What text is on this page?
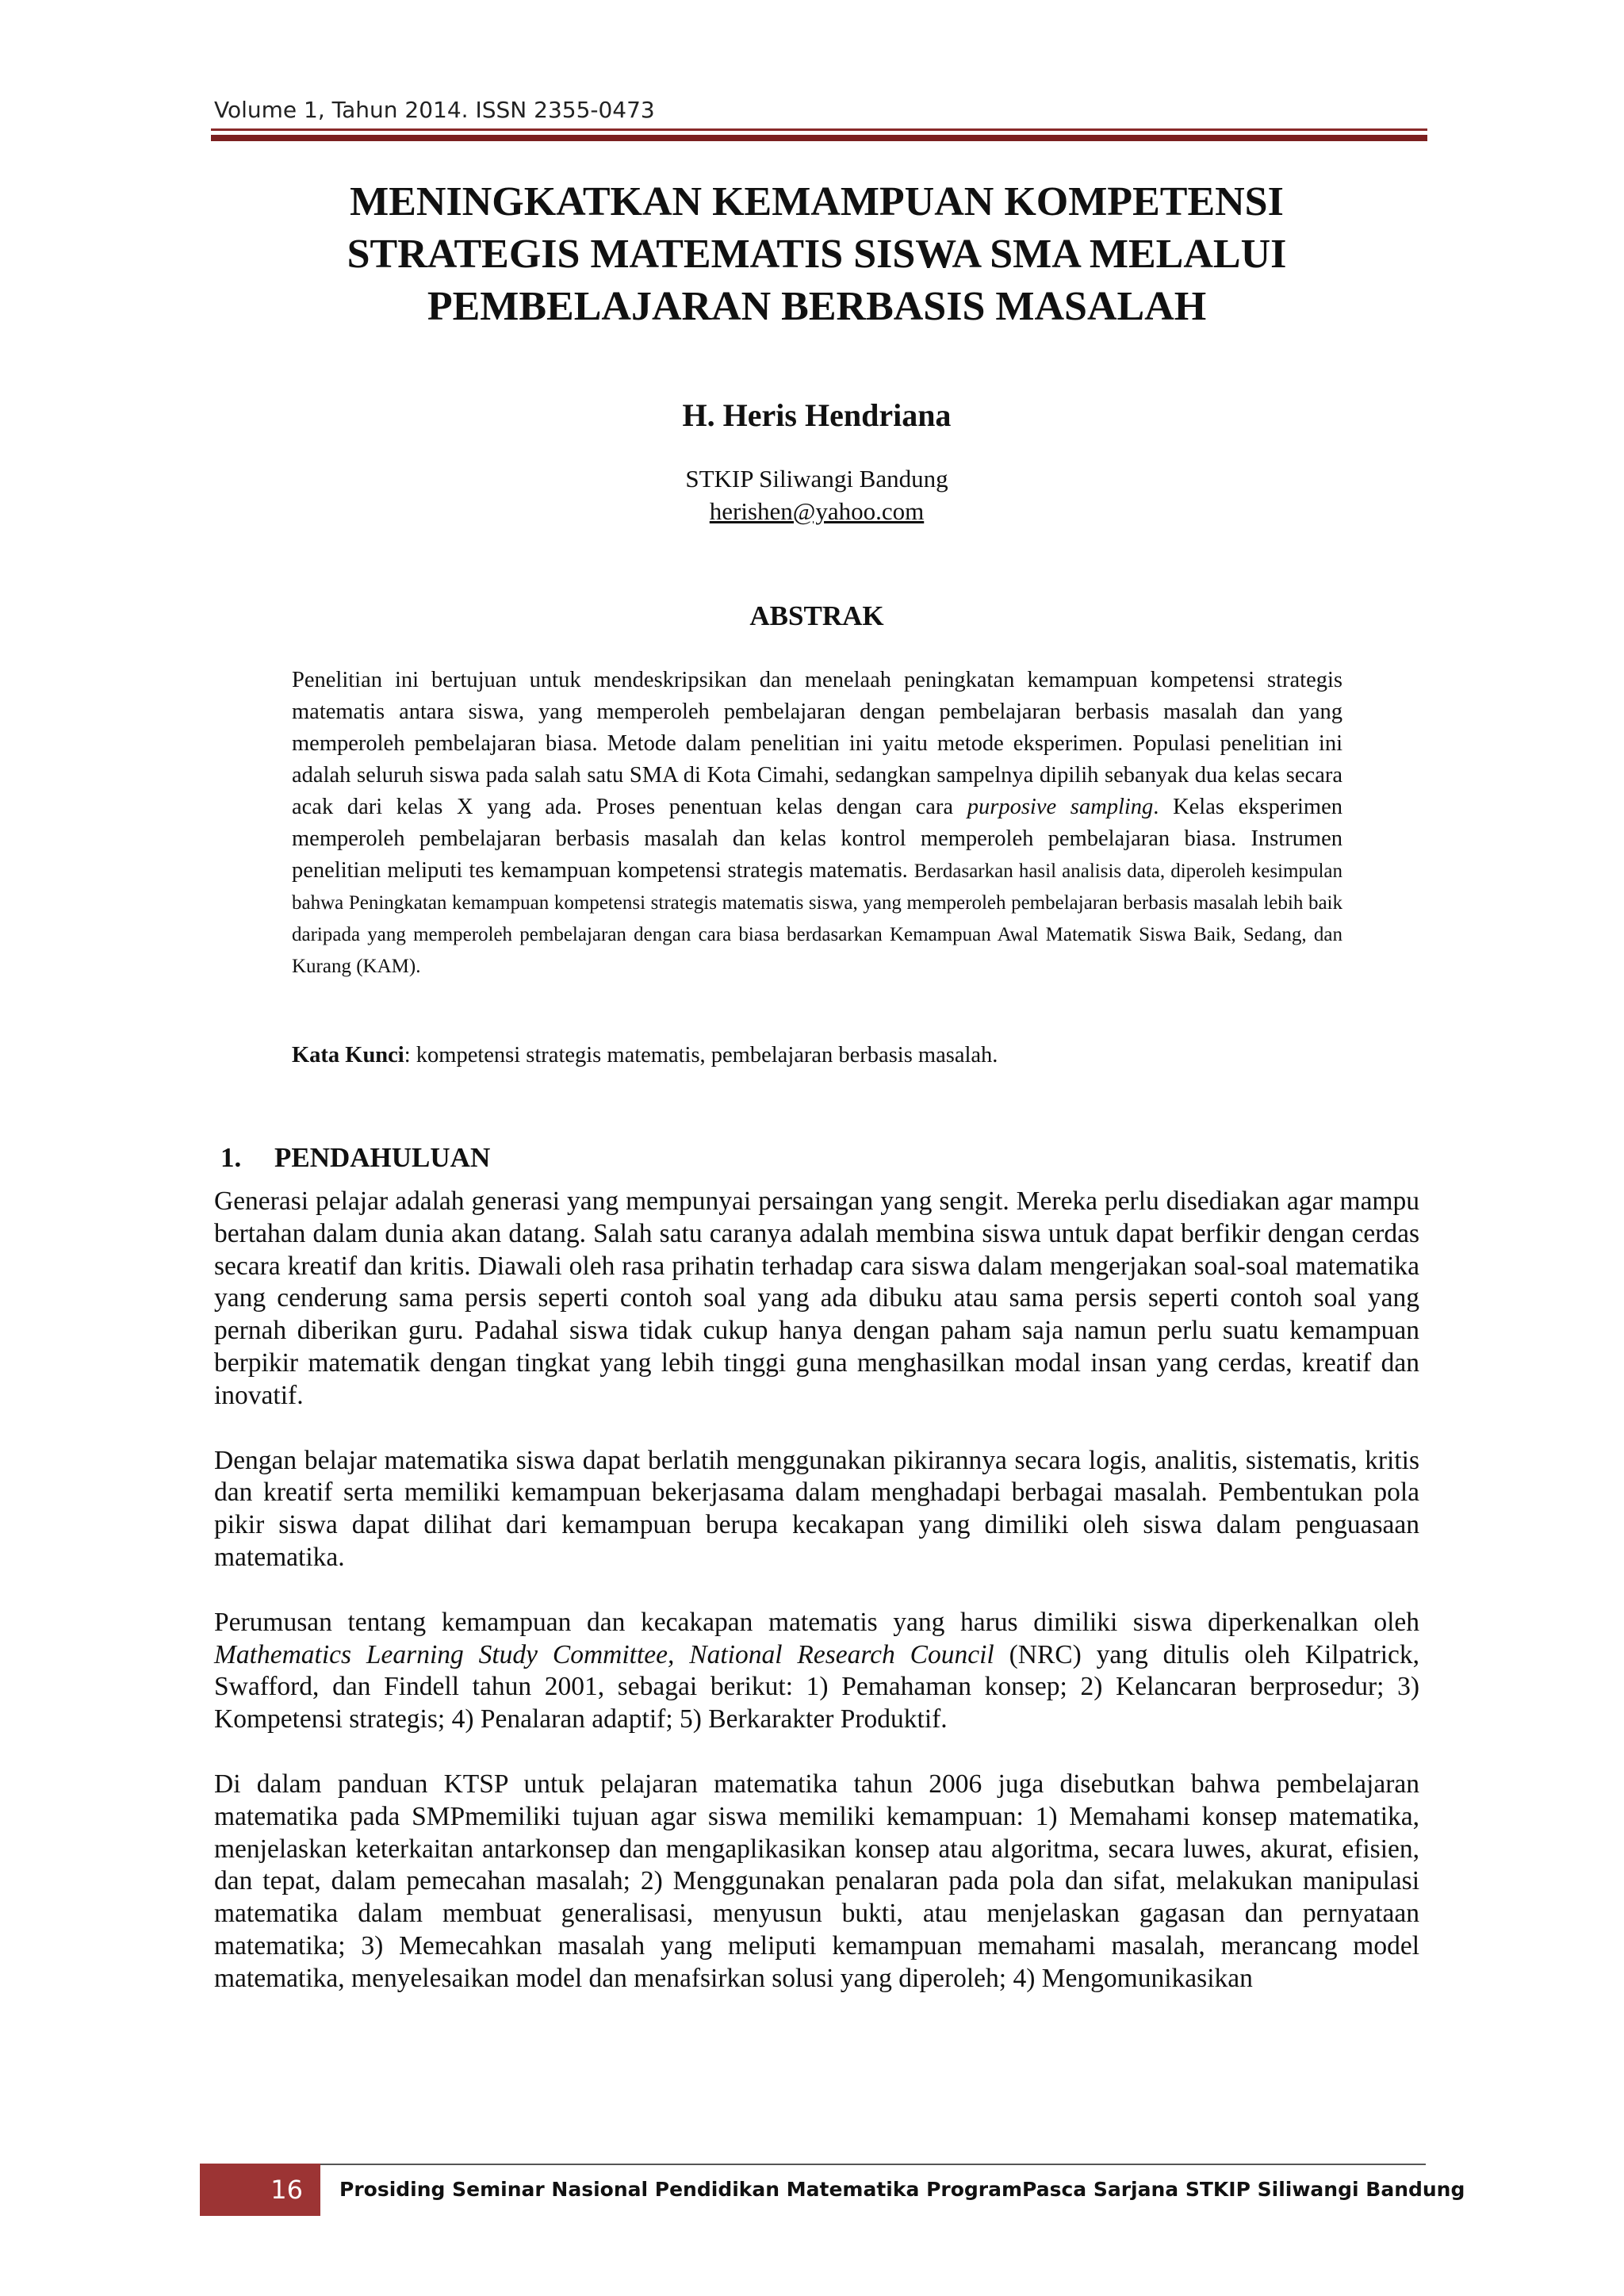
Volume 1, Tahun 2014. ISSN 2355-0473
MENINGKATKAN KEMAMPUAN KOMPETENSI
STRATEGIS MATEMATIS SISWA SMA MELALUI
PEMBELAJARAN BERBASIS MASALAH
H. Heris Hendriana
STKIP Siliwangi Bandung
herishen@yahoo.com
ABSTRAK
Penelitian ini bertujuan untuk mendeskripsikan dan menelaah peningkatan kemampuan kompetensi strategis matematis antara siswa, yang memperoleh pembelajaran dengan pembelajaran berbasis masalah dan yang memperoleh pembelajaran biasa. Metode dalam penelitian ini yaitu metode eksperimen. Populasi penelitian ini adalah seluruh siswa pada salah satu SMA di Kota Cimahi, sedangkan sampelnya dipilih sebanyak dua kelas secara acak dari kelas X yang ada. Proses penentuan kelas dengan cara purposive sampling. Kelas eksperimen memperoleh pembelajaran berbasis masalah dan kelas kontrol memperoleh pembelajaran biasa. Instrumen penelitian meliputi tes kemampuan kompetensi strategis matematis. Berdasarkan hasil analisis data, diperoleh kesimpulan bahwa Peningkatan kemampuan kompetensi strategis matematis siswa, yang memperoleh pembelajaran berbasis masalah lebih baik daripada yang memperoleh pembelajaran dengan cara biasa berdasarkan Kemampuan Awal Matematik Siswa Baik, Sedang, dan Kurang (KAM).
Kata Kunci: kompetensi strategis matematis, pembelajaran berbasis masalah.
1. PENDAHULUAN

Generasi pelajar adalah generasi yang mempunyai persaingan yang sengit. Mereka perlu disediakan agar mampu bertahan dalam dunia akan datang. Salah satu caranya adalah membina siswa untuk dapat berfikir dengan cerdas secara kreatif dan kritis. Diawali oleh rasa prihatin terhadap cara siswa dalam mengerjakan soal-soal matematika yang cenderung sama persis seperti contoh soal yang ada dibuku atau sama persis seperti contoh soal yang pernah diberikan guru. Padahal siswa tidak cukup hanya dengan paham saja namun perlu suatu kemampuan berpikir matematik dengan tingkat yang lebih tinggi guna menghasilkan modal insan yang cerdas, kreatif dan inovatif.

Dengan belajar matematika siswa dapat berlatih menggunakan pikirannya secara logis, analitis, sistematis, kritis dan kreatif serta memiliki kemampuan bekerjasama dalam menghadapi berbagai masalah. Pembentukan pola pikir siswa dapat dilihat dari kemampuan berupa kecakapan yang dimiliki oleh siswa dalam penguasaan matematika.

Perumusan tentang kemampuan dan kecakapan matematis yang harus dimiliki siswa diperkenalkan oleh Mathematics Learning Study Committee, National Research Council (NRC) yang ditulis oleh Kilpatrick, Swafford, dan Findell tahun 2001, sebagai berikut: 1) Pemahaman konsep; 2) Kelancaran berprosedur; 3) Kompetensi strategis; 4) Penalaran adaptif; 5) Berkarakter Produktif.

Di dalam panduan KTSP untuk pelajaran matematika tahun 2006 juga disebutkan bahwa pembelajaran matematika pada SMPmemiliki tujuan agar siswa memiliki kemampuan: 1) Memahami konsep matematika, menjelaskan keterkaitan antarkonsep dan mengaplikasikan konsep atau algoritma, secara luwes, akurat, efisien, dan tepat, dalam pemecahan masalah; 2) Menggunakan penalaran pada pola dan sifat, melakukan manipulasi matematika dalam membuat generalisasi, menyusun bukti, atau menjelaskan gagasan dan pernyataan matematika; 3) Memecahkan masalah yang meliputi kemampuan memahami masalah, merancang model matematika, menyelesaikan model dan menafsirkan solusi yang diperoleh; 4) Mengomunikasikan

16 Prosiding Seminar Nasional Pendidikan Matematika ProgramPasca Sarjana STKIP Siliwangi Bandung
